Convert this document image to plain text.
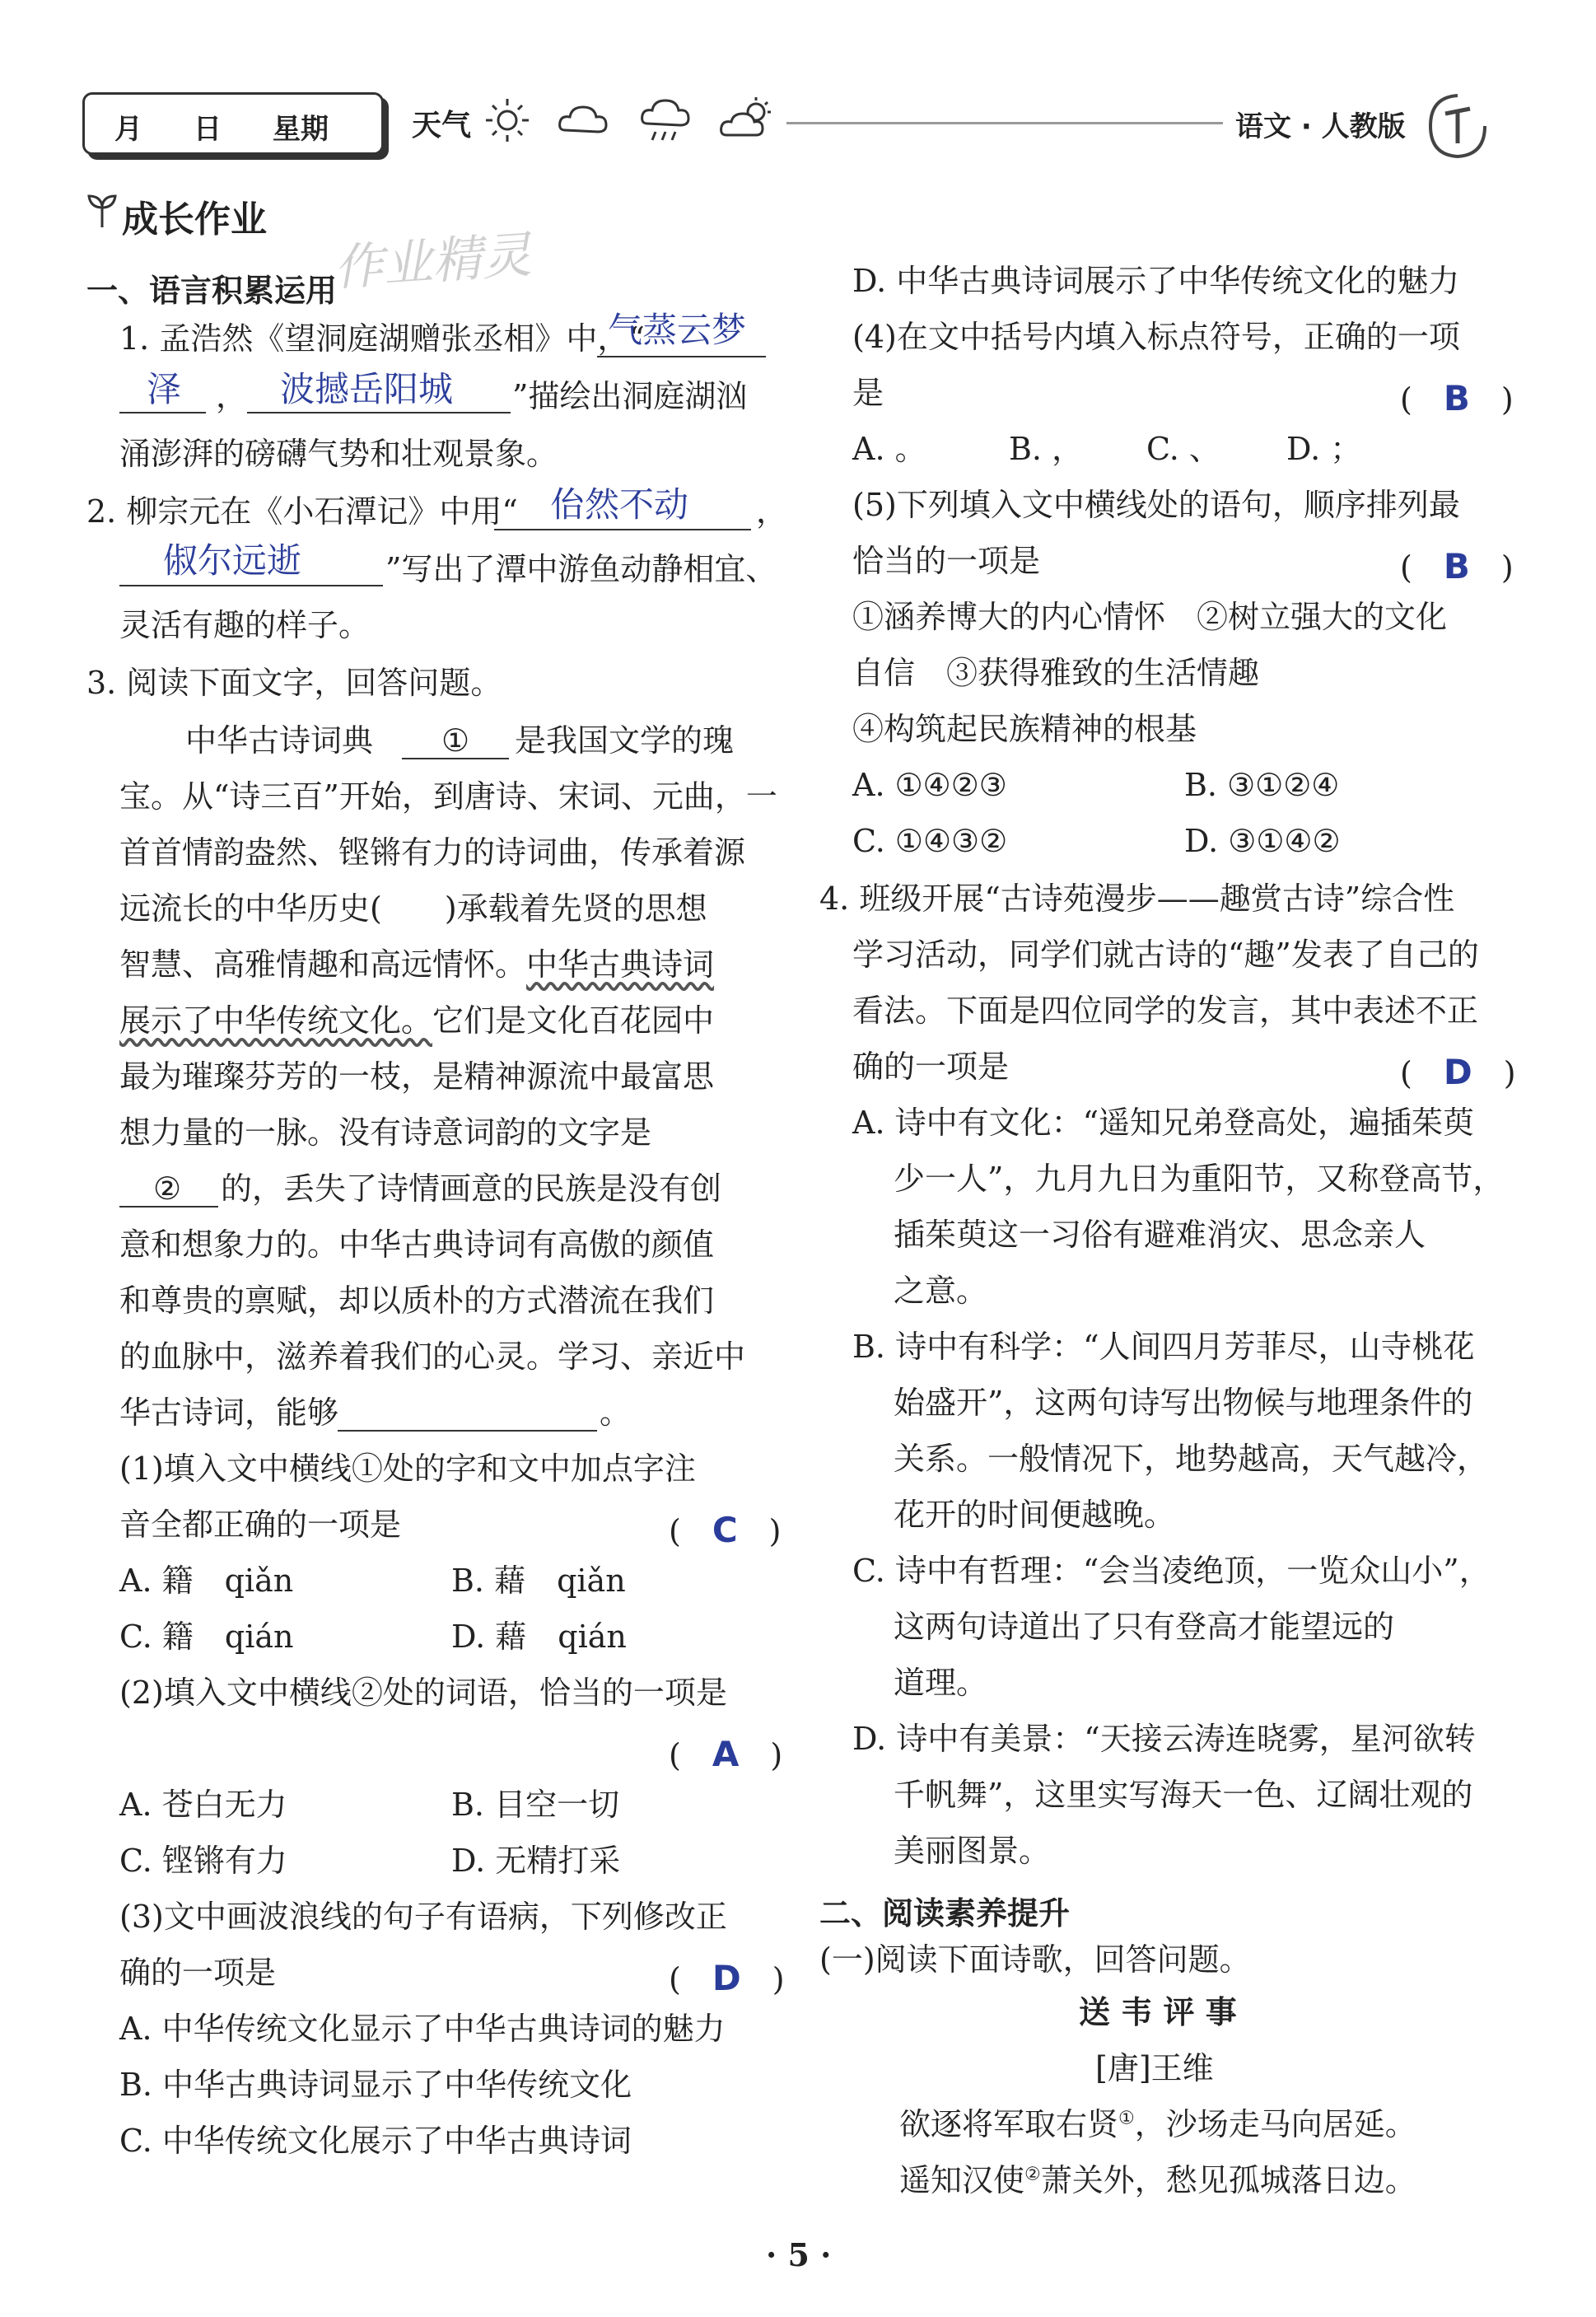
月 日 星期	天气	语文 · 人教版
成长作业
作业精灵
一、语言积累运用
1. 孟浩然《望洞庭湖赠张丞相》中，“
气蒸云梦
泽 ， 波撼岳阳城 ”描绘出洞庭湖汹
涌澎湃的磅礴气势和壮观景象。
2. 柳宗元在《小石潭记》中用“ 佁然不动 ，
俶尔远逝	”写出了潭中游鱼动静相宜、
灵活有趣的样子。
3. 阅读下面文字，回答问题。
中华古诗词典 ① 是我国文学的瑰
宝。从“诗三百”开始，到唐诗、宋词、元曲，一
首首情韵盎然、铿锵有力的诗词曲，传承着源
远流长的中华历史(　　)承载着先贤的思想
智慧、高雅情趣和高远情怀。中华古典诗词
展示了中华传统文化。它们是文化百花园中
最为璀璨芬芳的一枝，是精神源流中最富思
想力量的一脉。没有诗意词韵的文字是
② 的，丢失了诗情画意的民族是没有创
意和想象力的。中华古典诗词有高傲的颜值
和尊贵的禀赋，却以质朴的方式潜流在我们
的血脉中，滋养着我们的心灵。学习、亲近中
华古诗词，能够	。
(1)填入文中横线①处的字和文中加点字注
音全都正确的一项是	(　C　)
A. 籍　qiǎn	B. 藉　qiǎn
C. 籍　qián	D. 藉　qián
(2)填入文中横线②处的词语，恰当的一项是
(　A　)
A. 苍白无力	B. 目空一切
C. 铿锵有力	D. 无精打采
(3)文中画波浪线的句子有语病，下列修改正
确的一项是	(　D　)
A. 中华传统文化显示了中华古典诗词的魅力
B. 中华古典诗词显示了中华传统文化
C. 中华传统文化展示了中华古典诗词
D. 中华古典诗词展示了中华传统文化的魅力
(4)在文中括号内填入标点符号，正确的一项
是	(　B　)
A. 。	B. ， C. 、 D. ；
(5)下列填入文中横线处的语句，顺序排列最
恰当的一项是	(　B　)
①涵养博大的内心情怀　②树立强大的文化
自信　③获得雅致的生活情趣
④构筑起民族精神的根基
A. ①④②③	B. ③①②④
C. ①④③②	D. ③①④②
4. 班级开展“古诗苑漫步——趣赏古诗”综合性
学习活动，同学们就古诗的“趣”发表了自己的
看法。下面是四位同学的发言，其中表述不正
确的一项是	(　D　)
A. 诗中有文化：“遥知兄弟登高处，遍插茱萸
少一人”，九月九日为重阳节，又称登高节，
插茱萸这一习俗有避难消灾、思念亲人
之意。
B. 诗中有科学：“人间四月芳菲尽，山寺桃花
始盛开”，这两句诗写出物候与地理条件的
关系。一般情况下，地势越高，天气越冷，
花开的时间便越晚。
C. 诗中有哲理：“会当凌绝顶，一览众山小”，
这两句诗道出了只有登高才能望远的
道理。
D. 诗中有美景：“天接云涛连晓雾，星河欲转
千帆舞”，这里实写海天一色、辽阔壮观的
美丽图景。
二、阅读素养提升
(一)阅读下面诗歌，回答问题。
送 韦 评 事
[唐]王维
欲逐将军取右贤①，沙场走马向居延。
遥知汉使②萧关外，愁见孤城落日边。
· 5 ·
